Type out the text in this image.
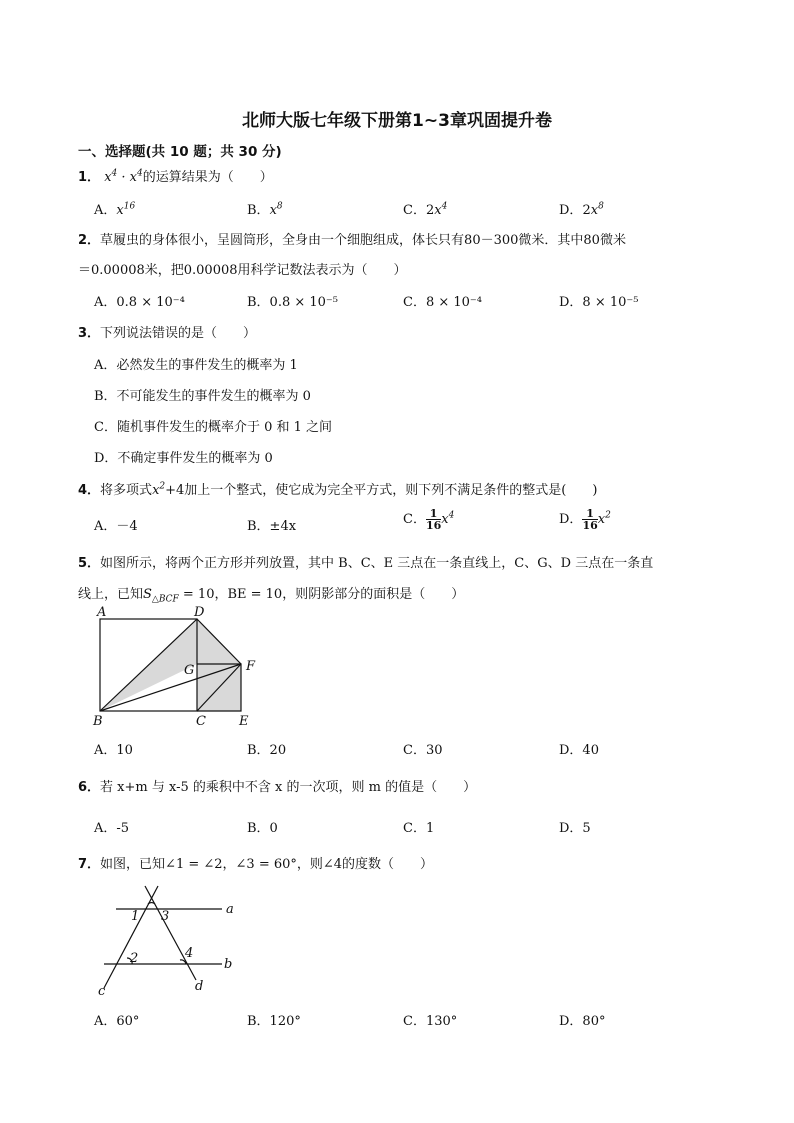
北师大版七年级下册第1~3章巩固提升卷
一、选择题(共 10 题；共 30 分)
1． $x^4 \cdot x^4$的运算结果为（　　）
A．$x^{16}$	B．$x^8$	C．$2x^4$	D．$2x^8$
2．草履虫的身体很小，呈圆筒形，全身由一个细胞组成，体长只有80－300微米．其中80微米
＝0.00008米，把0.00008用科学记数法表示为（　　）
A．0.8 × 10⁻⁴	B．0.8 × 10⁻⁵	C．8 × 10⁻⁴	D．8 × 10⁻⁵
3．下列说法错误的是（　　）
A．必然发生的事件发生的概率为 1
B．不可能发生的事件发生的概率为 0
C．随机事件发生的概率介于 0 和 1 之间
D．不确定事件发生的概率为 0
4．将多项式$x^2+4$加上一个整式，使它成为完全平方式，则下列不满足条件的整式是(　　)
A．－4	B．±4x	C． $\frac{1}{16} x^4$	D． $\frac{1}{16} x^2$
5．如图所示，将两个正方形并列放置，其中 B、C、E 三点在一条直线上，C、G、D 三点在一条直
线上，已知$S_{\triangle BCF} = 10$，BE = 10，则阴影部分的面积是（　　）
A	D
G	F
B	C	E
A．10	B．20	C．30	D．40
6．若 x+m 与 x-5 的乘积中不含 x 的一次项，则 m 的值是（　　）
A．-5	B．0	C．1	D．5
7．如图，已知∠1 = ∠2，∠3 = 60°，则∠4的度数（　　）
1 3	a
2	4
b
c	d
A．60°	B．120°	C．130°	D．80°
